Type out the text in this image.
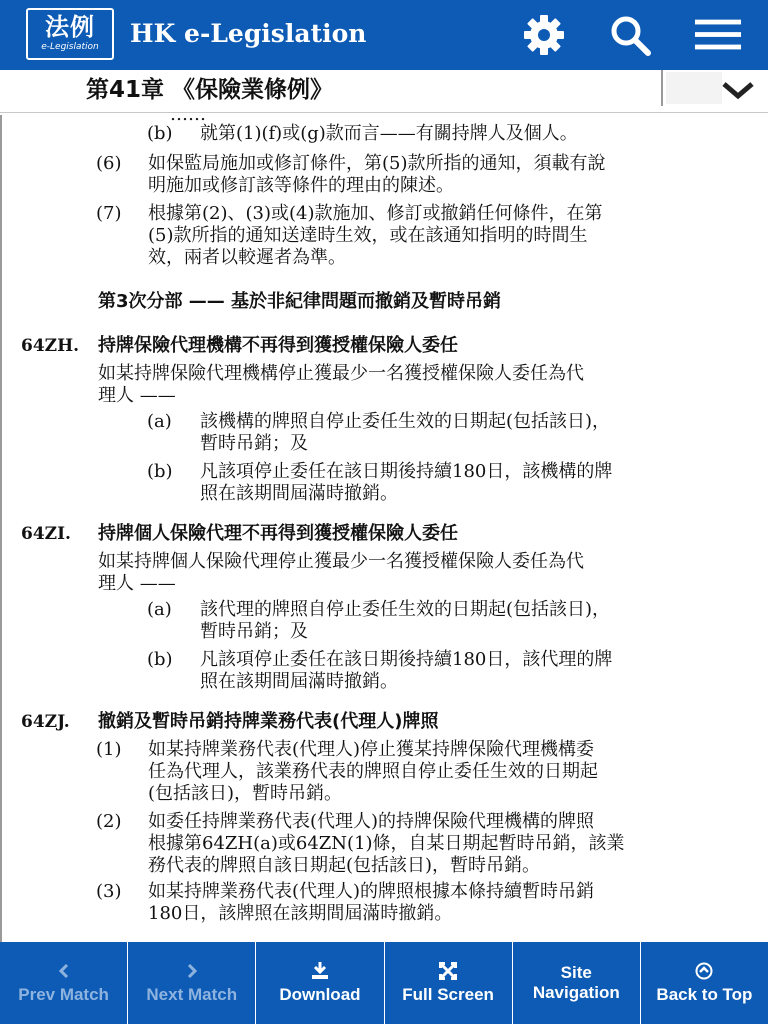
法例
e-Legislation	HK e-Legislation
第41章 《保險業條例》
……
(b) 就第(1)(f)或(g)款而言——有關持牌人及個人。
(6) 如保監局施加或修訂條件，第(5)款所指的通知，須載有說
明施加或修訂該等條件的理由的陳述。
(7) 根據第(2)、(3)或(4)款施加、修訂或撤銷任何條件，在第
(5)款所指的通知送達時生效，或在該通知指明的時間生
效，兩者以較遲者為準。
第3次分部 —— 基於非紀律問題而撤銷及暫時吊銷
64ZH. 持牌保險代理機構不再得到獲授權保險人委任
如某持牌保險代理機構停止獲最少一名獲授權保險人委任為代
理人 ——
(a) 該機構的牌照自停止委任生效的日期起(包括該日)，
暫時吊銷；及
(b) 凡該項停止委任在該日期後持續180日，該機構的牌
照在該期間屆滿時撤銷。
64ZI. 持牌個人保險代理不再得到獲授權保險人委任
如某持牌個人保險代理停止獲最少一名獲授權保險人委任為代
理人 ——
(a) 該代理的牌照自停止委任生效的日期起(包括該日)，
暫時吊銷；及
(b) 凡該項停止委任在該日期後持續180日，該代理的牌
照在該期間屆滿時撤銷。
64ZJ. 撤銷及暫時吊銷持牌業務代表(代理人)牌照
(1) 如某持牌業務代表(代理人)停止獲某持牌保險代理機構委
任為代理人，該業務代表的牌照自停止委任生效的日期起
(包括該日)，暫時吊銷。
(2) 如委任持牌業務代表(代理人)的持牌保險代理機構的牌照
根據第64ZH(a)或64ZN(1)條，自某日期起暫時吊銷，該業
務代表的牌照自該日期起(包括該日)，暫時吊銷。
(3) 如某持牌業務代表(代理人)的牌照根據本條持續暫時吊銷
180日，該牌照在該期間屆滿時撤銷。
Prev Match Next Match Download Full Screen
Site
Navigation Back to Top
